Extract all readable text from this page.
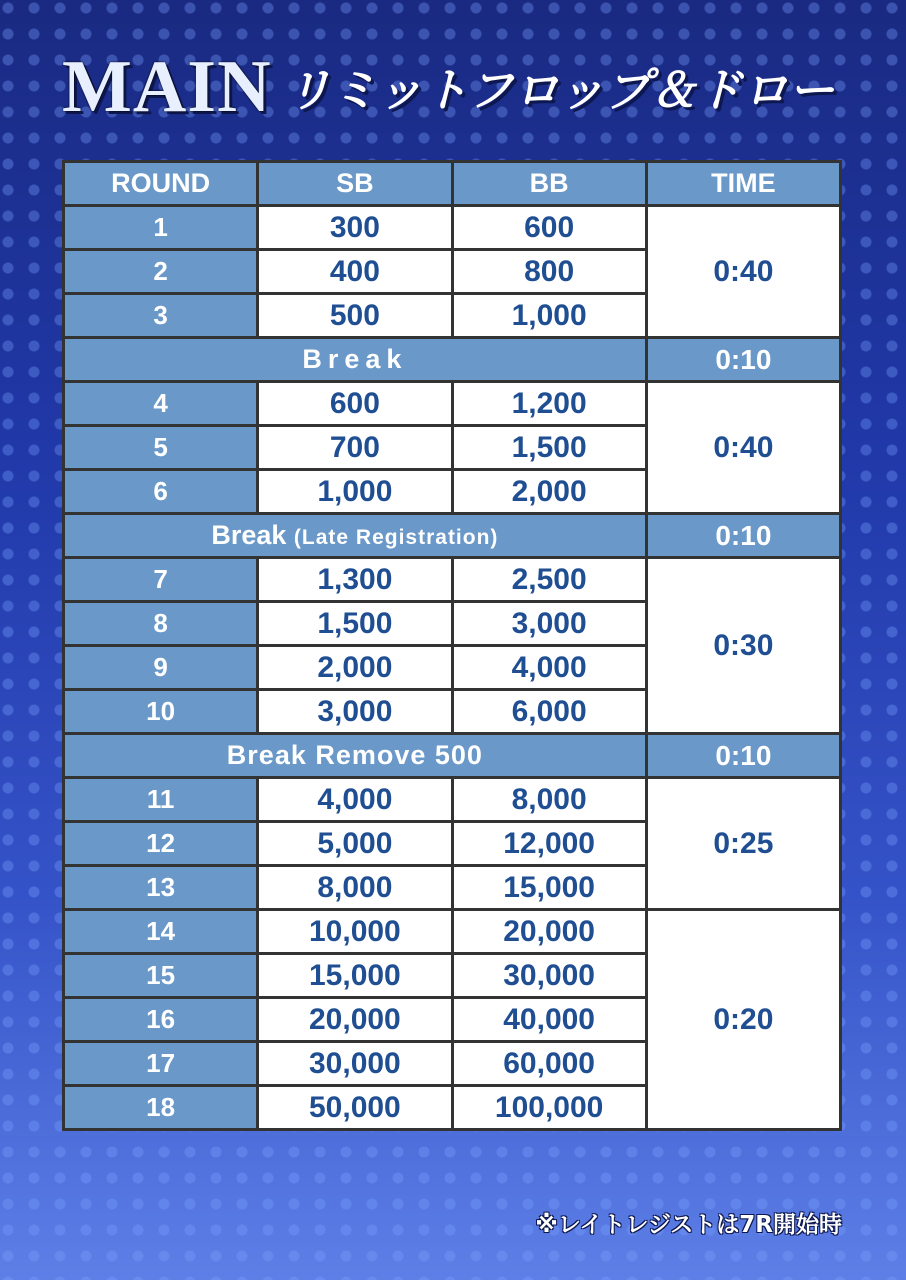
MAIN リミットフロップ＆ドロー
ROUND	SB	BB	TIME
1	300	600	0:40
2	400	800	
3	500	1,000	
Break			0:10
4	600	1,200	0:40
5	700	1,500	
6	1,000	2,000	
Break (Late Registration)			0:10
7	1,300	2,500	0:30
8	1,500	3,000	
9	2,000	4,000	
10	3,000	6,000	
Break Remove 500			0:10
11	4,000	8,000	0:25
12	5,000	12,000	
13	8,000	15,000	
14	10,000	20,000	0:20
15	15,000	30,000	
16	20,000	40,000	
17	30,000	60,000	
18	50,000	100,000	
※レイトレジストは7R開始時
